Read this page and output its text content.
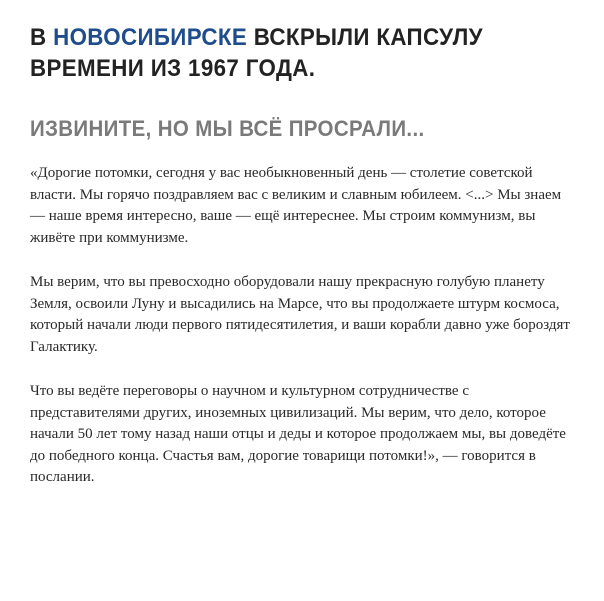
В НОВОСИБИРСКЕ ВСКРЫЛИ КАПСУЛУ ВРЕМЕНИ ИЗ 1967 ГОДА.
ИЗВИНИТЕ, НО МЫ ВСЁ ПРОСРАЛИ...

«Дорогие потомки, сегодня у вас необыкновенный день — столетие советской власти. Мы горячо поздравляем вас с великим и славным юбилеем. <...> Мы знаем — наше время интересно, ваше — ещё интереснее. Мы строим коммунизм, вы живёте при коммунизме.

Мы верим, что вы превосходно оборудовали нашу прекрасную голубую планету Земля, освоили Луну и высадились на Марсе, что вы продолжаете штурм космоса, который начали люди первого пятидесятилетия, и ваши корабли давно уже бороздят Галактику.

Что вы ведёте переговоры о научном и культурном сотрудничестве с представителями других, иноземных цивилизаций. Мы верим, что дело, которое начали 50 лет тому назад наши отцы и деды и которое продолжаем мы, вы доведёте до победного конца. Счастья вам, дорогие товарищи потомки!», — говорится в послании.
